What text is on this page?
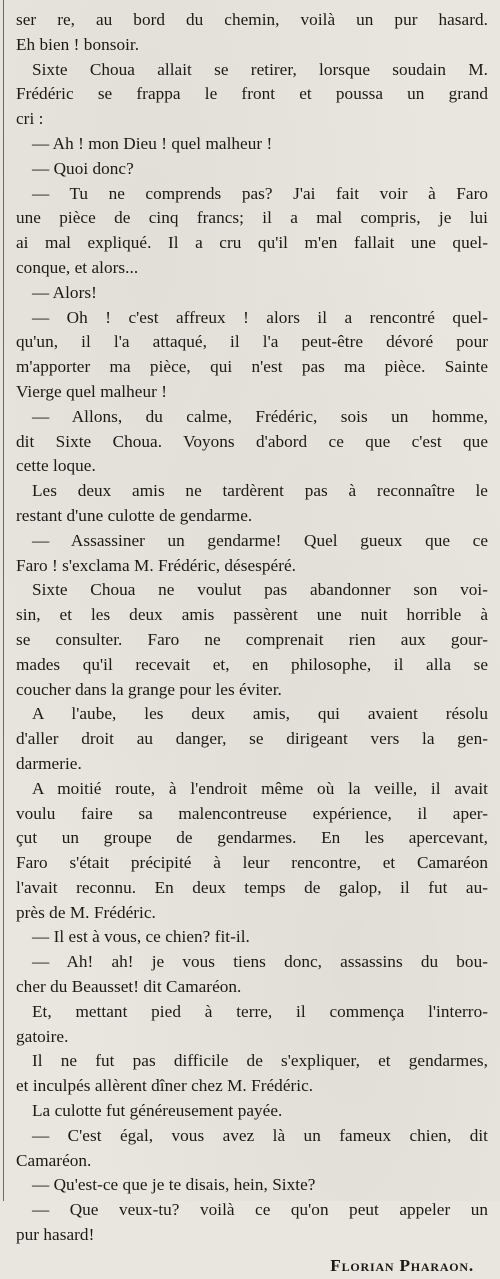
ser re, au bord du chemin, voilà un pur hasard.
Eh bien ! bonsoir.
Sixte Choua allait se retirer, lorsque soudain M.
Frédéric se frappa le front et poussa un grand
cri :
— Ah ! mon Dieu ! quel malheur !
— Quoi donc?
— Tu ne comprends pas? J'ai fait voir à Faro
une pièce de cinq francs; il a mal compris, je lui
ai mal expliqué. Il a cru qu'il m'en fallait une quel-
conque, et alors...
— Alors!
— Oh ! c'est affreux ! alors il a rencontré quel-
qu'un, il l'a attaqué, il l'a peut-être dévoré pour
m'apporter ma pièce, qui n'est pas ma pièce. Sainte
Vierge quel malheur !
— Allons, du calme, Frédéric, sois un homme,
dit Sixte Choua. Voyons d'abord ce que c'est que
cette loque.
Les deux amis ne tardèrent pas à reconnaître le
restant d'une culotte de gendarme.
— Assassiner un gendarme! Quel gueux que ce
Faro ! s'exclama M. Frédéric, désespéré.
Sixte Choua ne voulut pas abandonner son voi-
sin, et les deux amis passèrent une nuit horrible à
se consulter. Faro ne comprenait rien aux gour-
mades qu'il recevait et, en philosophe, il alla se
coucher dans la grange pour les éviter.
A l'aube, les deux amis, qui avaient résolu
d'aller droit au danger, se dirigeant vers la gen-
darmerie.
A moitié route, à l'endroit même où la veille, il avait
voulu faire sa malencontreuse expérience, il aper-
çut un groupe de gendarmes. En les apercevant,
Faro s'était précipité à leur rencontre, et Camaréon
l'avait reconnu. En deux temps de galop, il fut au-
près de M. Frédéric.
— Il est à vous, ce chien? fit-il.
— Ah! ah! je vous tiens donc, assassins du bou-
cher du Beausset! dit Camaréon.
Et, mettant pied à terre, il commença l'interro-
gatoire.
Il ne fut pas difficile de s'expliquer, et gendarmes,
et inculpés allèrent dîner chez M. Frédéric.
La culotte fut généreusement payée.
— C'est égal, vous avez là un fameux chien, dit
Camaréon.
— Qu'est-ce que je te disais, hein, Sixte?
— Que veux-tu? voilà ce qu'on peut appeler un
pur hasard!
Florian Pharaon.
